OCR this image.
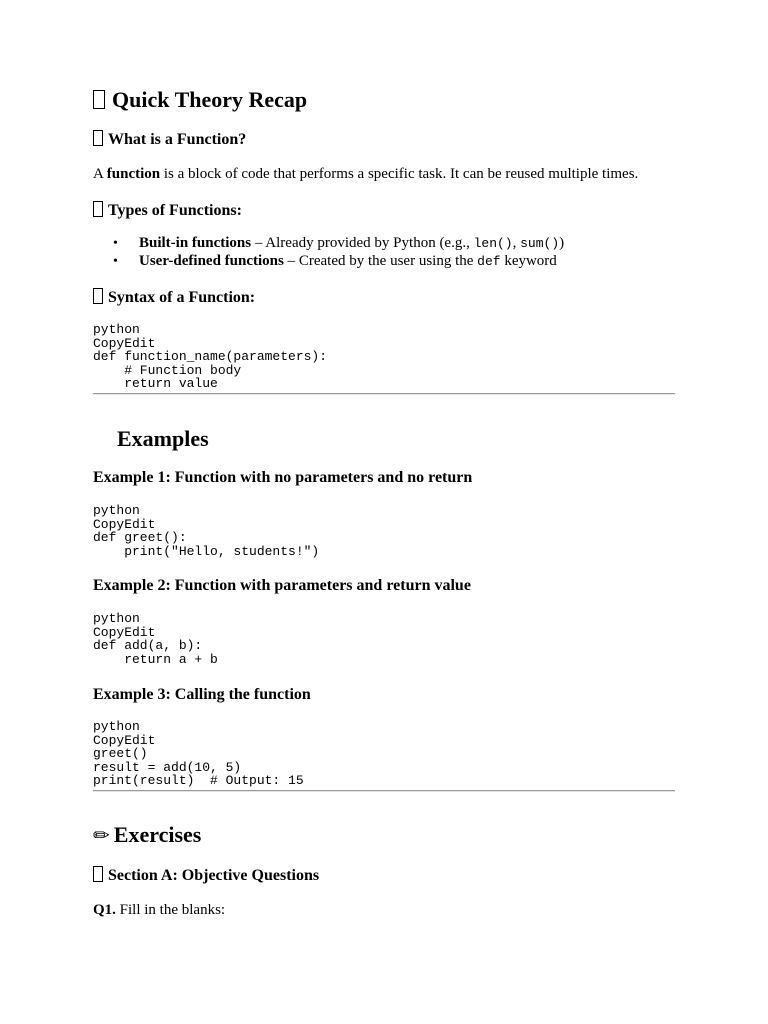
Quick Theory Recap
What is a Function?
A function is a block of code that performs a specific task. It can be reused multiple times.
Types of Functions:
• Built-in functions – Already provided by Python (e.g., len(), sum())
• User-defined functions – Created by the user using the def keyword
Syntax of a Function:
python
CopyEdit
def function_name(parameters):
# Function body
return value
Examples
Example 1: Function with no parameters and no return
python
CopyEdit
def greet():
print("Hello, students!")
Example 2: Function with parameters and return value
python
CopyEdit
def add(a, b):
return a + b
Example 3: Calling the function
python
CopyEdit
greet()
result = add(10, 5)
print(result)  # Output: 15
✏ Exercises
Section A: Objective Questions
Q1. Fill in the blanks:
